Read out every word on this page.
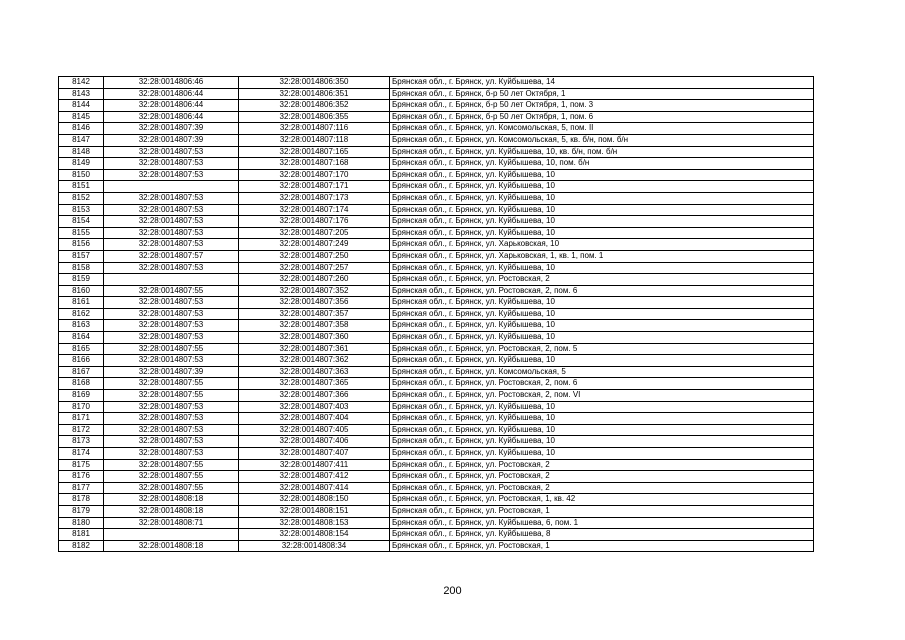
8142	32:28:0014806:46	32:28:0014806:350	Брянская обл., г. Брянск, ул. Куйбышева, 14
8143	32:28:0014806:44	32:28:0014806:351	Брянская обл., г. Брянск, б-р 50 лет Октября, 1
8144	32:28:0014806:44	32:28:0014806:352	Брянская обл., г. Брянск, б-р 50 лет Октября, 1, пом. 3
8145	32:28:0014806:44	32:28:0014806:355	Брянская обл., г. Брянск, б-р 50 лет Октября, 1, пом. 6
8146	32:28:0014807:39	32:28:0014807:116	Брянская обл., г. Брянск, ул. Комсомольская, 5, пом. II
8147	32:28:0014807:39	32:28:0014807:118	Брянская обл., г. Брянск, ул. Комсомольская, 5, кв. б/н, пом. б/н
8148	32:28:0014807:53	32:28:0014807:165	Брянская обл., г. Брянск, ул. Куйбышева, 10, кв. б/н, пом. б/н
8149	32:28:0014807:53	32:28:0014807:168	Брянская обл., г. Брянск, ул. Куйбышева, 10, пом. б/н
8150	32:28:0014807:53	32:28:0014807:170	Брянская обл., г. Брянск, ул. Куйбышева, 10
8151		32:28:0014807:171	Брянская обл., г. Брянск, ул. Куйбышева, 10
8152	32:28:0014807:53	32:28:0014807:173	Брянская обл., г. Брянск, ул. Куйбышева, 10
8153	32:28:0014807:53	32:28:0014807:174	Брянская обл., г. Брянск, ул. Куйбышева, 10
8154	32:28:0014807:53	32:28:0014807:176	Брянская обл., г. Брянск, ул. Куйбышева, 10
8155	32:28:0014807:53	32:28:0014807:205	Брянская обл., г. Брянск, ул. Куйбышева, 10
8156	32:28:0014807:53	32:28:0014807:249	Брянская обл., г. Брянск, ул. Харьковская, 10
8157	32:28:0014807:57	32:28:0014807:250	Брянская обл., г. Брянск, ул. Харьковская, 1, кв. 1, пом. 1
8158	32:28:0014807:53	32:28:0014807:257	Брянская обл., г. Брянск, ул. Куйбышева, 10
8159		32:28:0014807:260	Брянская обл., г. Брянск, ул. Ростовская, 2
8160	32:28:0014807:55	32:28:0014807:352	Брянская обл., г. Брянск, ул. Ростовская, 2, пом. 6
8161	32:28:0014807:53	32:28:0014807:356	Брянская обл., г. Брянск, ул. Куйбышева, 10
8162	32:28:0014807:53	32:28:0014807:357	Брянская обл., г. Брянск, ул. Куйбышева, 10
8163	32:28:0014807:53	32:28:0014807:358	Брянская обл., г. Брянск, ул. Куйбышева, 10
8164	32:28:0014807:53	32:28:0014807:360	Брянская обл., г. Брянск, ул. Куйбышева, 10
8165	32:28:0014807:55	32:28:0014807:361	Брянская обл., г. Брянск, ул. Ростовская, 2, пом. 5
8166	32:28:0014807:53	32:28:0014807:362	Брянская обл., г. Брянск, ул. Куйбышева, 10
8167	32:28:0014807:39	32:28:0014807:363	Брянская обл., г. Брянск, ул. Комсомольская, 5
8168	32:28:0014807:55	32:28:0014807:365	Брянская обл., г. Брянск, ул. Ростовская, 2, пом. 6
8169	32:28:0014807:55	32:28:0014807:366	Брянская обл., г. Брянск, ул. Ростовская, 2, пом. VI
8170	32:28:0014807:53	32:28:0014807:403	Брянская обл., г. Брянск, ул. Куйбышева, 10
8171	32:28:0014807:53	32:28:0014807:404	Брянская обл., г. Брянск, ул. Куйбышева, 10
8172	32:28:0014807:53	32:28:0014807:405	Брянская обл., г. Брянск, ул. Куйбышева, 10
8173	32:28:0014807:53	32:28:0014807:406	Брянская обл., г. Брянск, ул. Куйбышева, 10
8174	32:28:0014807:53	32:28:0014807:407	Брянская обл., г. Брянск, ул. Куйбышева, 10
8175	32:28:0014807:55	32:28:0014807:411	Брянская обл., г. Брянск, ул. Ростовская, 2
8176	32:28:0014807:55	32:28:0014807:412	Брянская обл., г. Брянск, ул. Ростовская, 2
8177	32:28:0014807:55	32:28:0014807:414	Брянская обл., г. Брянск, ул. Ростовская, 2
8178	32:28:0014808:18	32:28:0014808:150	Брянская обл., г. Брянск, ул. Ростовская, 1, кв. 42
8179	32:28:0014808:18	32:28:0014808:151	Брянская обл., г. Брянск, ул. Ростовская, 1
8180	32:28:0014808:71	32:28:0014808:153	Брянская обл., г. Брянск, ул. Куйбышева, 6, пом. 1
8181		32:28:0014808:154	Брянская обл., г. Брянск, ул. Куйбышева, 8
8182	32:28:0014808:18	32:28:0014808:34	Брянская обл., г. Брянск, ул. Ростовская, 1
200
